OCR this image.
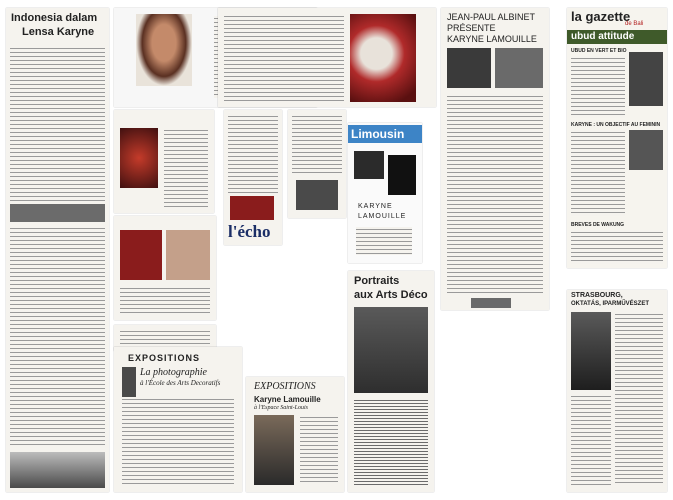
Indonesia dalam
Lensa Karyne

l'écho
Limousin
KARYNE
LAMOUILLE

EXPOSITIONS
La photographie
à l'École des Arts Decoratifs	EXPOSITIONS
Karyne Lamouille
à l'Espace Saint-Louis
Portraits
aux Arts Déco
JEAN-PAUL ALBINET
PRÉSENTE
KARYNE LAMOUILLE
la gazette
de Bali
ubud attitude
UBUD EN VERT ET BIO
KARYNE : UN OBJECTIF AU FEMININ
BREVES DE WAKUNG
STRASBOURG,
OKTATÁS, IPARMŰVÉSZET
